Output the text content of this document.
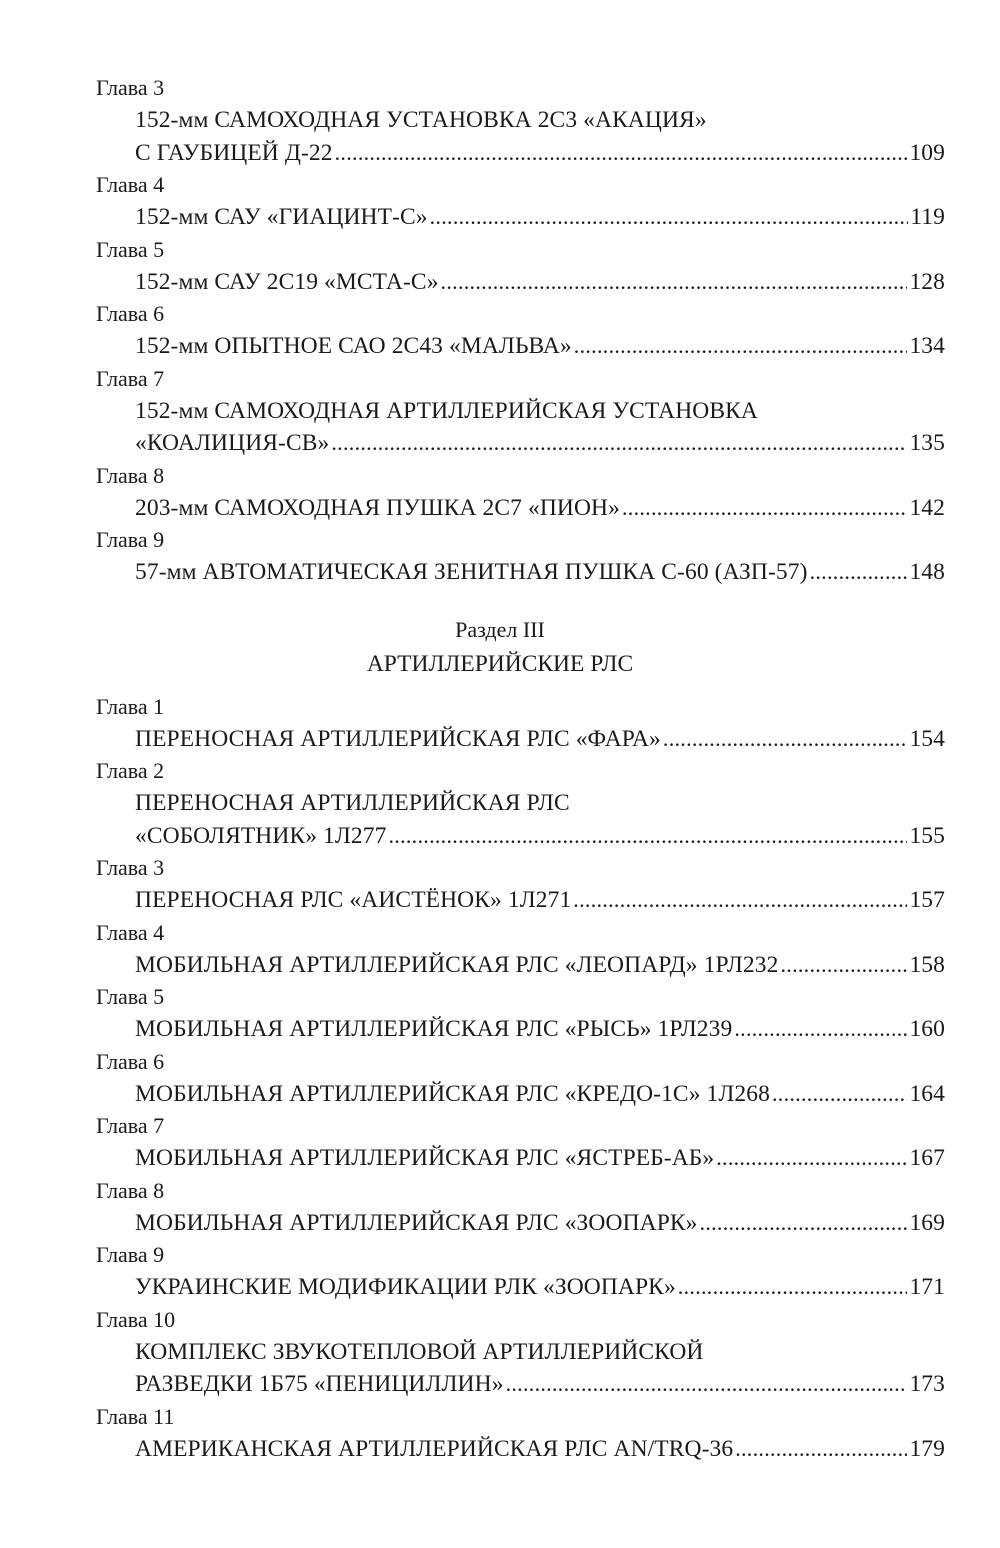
Глава 3
152-мм САМОХОДНАЯ УСТАНОВКА 2С3 «АКАЦИЯ»
С ГАУБИЦЕЙ Д-22 . . .	109
Глава 4
152-мм САУ «ГИАЦИНТ-С» . . .	119
Глава 5
152-мм САУ 2С19 «МСТА-С» . . .	128
Глава 6
152-мм ОПЫТНОЕ САО 2С43 «МАЛЬВА» . . .	134
Глава 7
152-мм САМОХОДНАЯ АРТИЛЛЕРИЙСКАЯ УСТАНОВКА
«КОАЛИЦИЯ-СВ» . . .	135
Глава 8
203-мм САМОХОДНАЯ ПУШКА 2С7 «ПИОН» . . .	142
Глава 9
57-мм АВТОМАТИЧЕСКАЯ ЗЕНИТНАЯ ПУШКА С-60 (АЗП-57) . . .	148
Раздел III
АРТИЛЛЕРИЙСКИЕ РЛС
Глава 1
ПЕРЕНОСНАЯ АРТИЛЛЕРИЙСКАЯ РЛС «ФАРА» . . .	154
Глава 2
ПЕРЕНОСНАЯ АРТИЛЛЕРИЙСКАЯ РЛС
«СОБОЛЯТНИК» 1Л277 . . .	155
Глава 3
ПЕРЕНОСНАЯ РЛС «АИСТЁНОК» 1Л271 . . .	157
Глава 4
МОБИЛЬНАЯ АРТИЛЛЕРИЙСКАЯ РЛС «ЛЕОПАРД» 1РЛ232 . . .	158
Глава 5
МОБИЛЬНАЯ АРТИЛЛЕРИЙСКАЯ РЛС «РЫСЬ» 1РЛ239 . . .	160
Глава 6
МОБИЛЬНАЯ АРТИЛЛЕРИЙСКАЯ РЛС «КРЕДО-1С» 1Л268 . . .	164
Глава 7
МОБИЛЬНАЯ АРТИЛЛЕРИЙСКАЯ РЛС «ЯСТРЕБ-АБ» . . .	167
Глава 8
МОБИЛЬНАЯ АРТИЛЛЕРИЙСКАЯ РЛС «ЗООПАРК» . . .	169
Глава 9
УКРАИНСКИЕ МОДИФИКАЦИИ РЛК «ЗООПАРК» . . .	171
Глава 10
КОМПЛЕКС ЗВУКОТЕПЛОВОЙ АРТИЛЛЕРИЙСКОЙ
РАЗВЕДКИ 1Б75 «ПЕНИЦИЛЛИН» . . .	173
Глава 11
АМЕРИКАНСКАЯ АРТИЛЛЕРИЙСКАЯ РЛС AN/TRQ-36 . . .	179
